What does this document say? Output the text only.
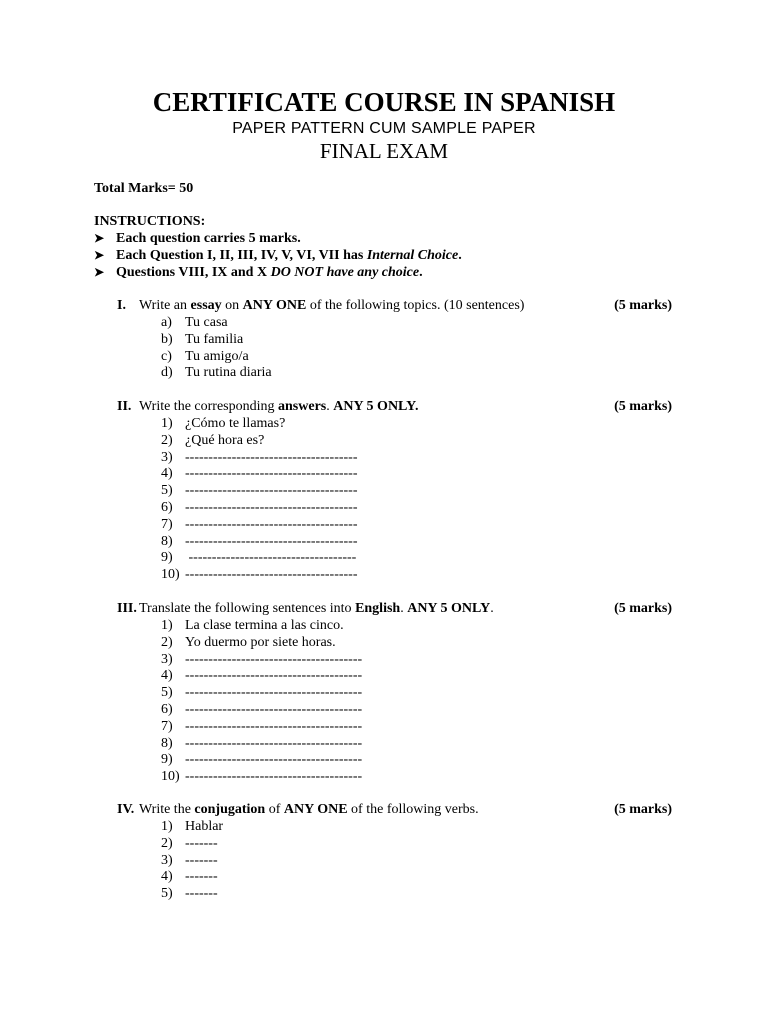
CERTIFICATE COURSE IN SPANISH
PAPER PATTERN CUM SAMPLE PAPER
FINAL EXAM
Total Marks= 50
INSTRUCTIONS:
➤ Each question carries 5 marks.
➤ Each Question I, II, III, IV, V, VI, VII has Internal Choice.
➤ Questions VIII, IX and X DO NOT have any choice.
I. Write an essay on ANY ONE of the following topics. (10 sentences)	(5 marks)
a) Tu casa
b) Tu familia
c) Tu amigo/a
d) Tu rutina diaria
II. Write the corresponding answers. ANY 5 ONLY.	(5 marks)
1) ¿Cómo te llamas?
2) ¿Qué hora es?
3) -------------------------------------
4) -------------------------------------
5) -------------------------------------
6) -------------------------------------
7) -------------------------------------
8) -------------------------------------
9) ------------------------------------
10) -------------------------------------
III. Translate the following sentences into English. ANY 5 ONLY.	(5 marks)
1) La clase termina a las cinco.
2) Yo duermo por siete horas.
3) --------------------------------------
4) --------------------------------------
5) --------------------------------------
6) --------------------------------------
7) --------------------------------------
8) --------------------------------------
9) --------------------------------------
10) --------------------------------------
IV. Write the conjugation of ANY ONE of the following verbs.	(5 marks)
1) Hablar
2) -------
3) -------
4) -------
5) -------
